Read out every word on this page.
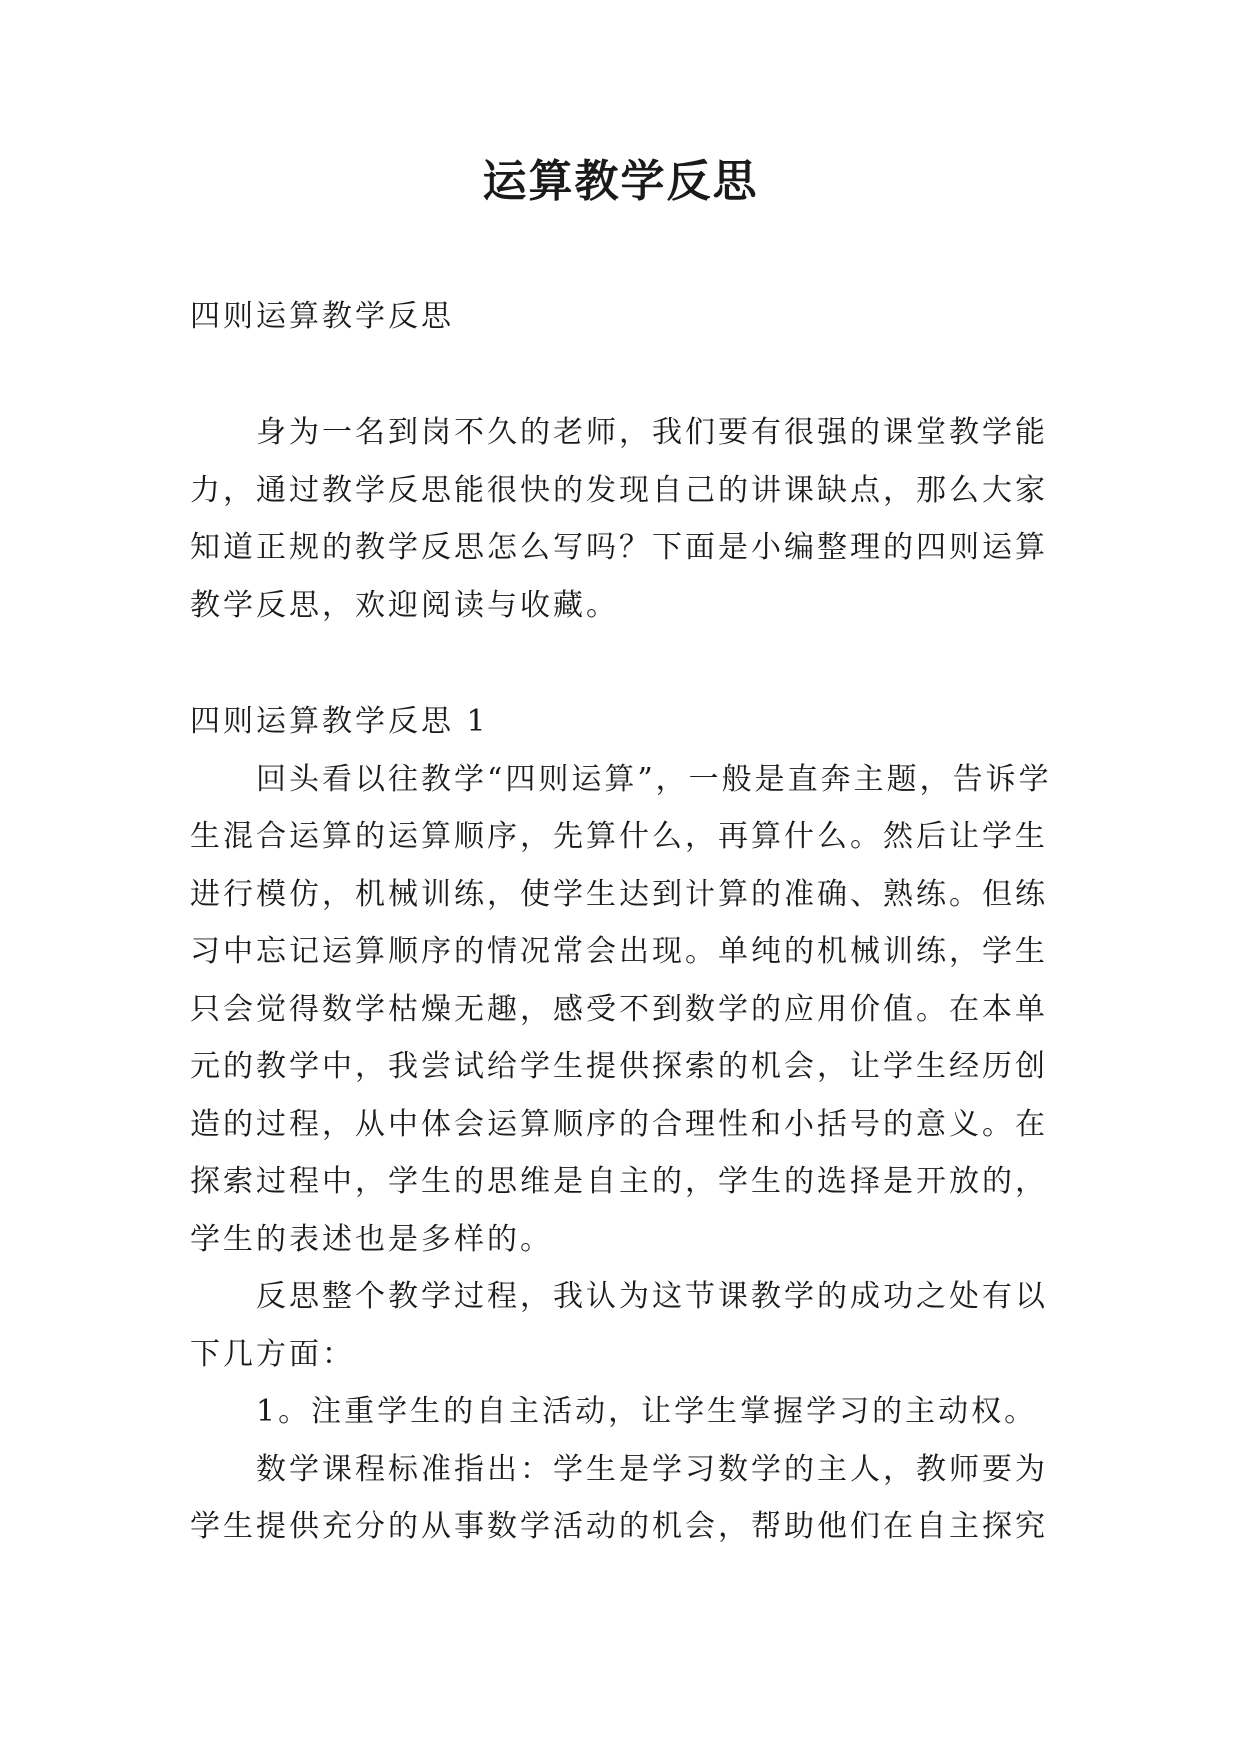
运算教学反思

四则运算教学反思

身为一名到岗不久的老师，我们要有很强的课堂教学能力，通过教学反思能很快的发现自己的讲课缺点，那么大家知道正规的教学反思怎么写吗？下面是小编整理的四则运算教学反思，欢迎阅读与收藏。

四则运算教学反思 1

回头看以往教学“四则运算”，一般是直奔主题，告诉学生混合运算的运算顺序，先算什么，再算什么。然后让学生进行模仿，机械训练，使学生达到计算的准确、熟练。但练习中忘记运算顺序的情况常会出现。单纯的机械训练，学生只会觉得数学枯燥无趣，感受不到数学的应用价值。在本单元的教学中，我尝试给学生提供探索的机会，让学生经历创造的过程，从中体会运算顺序的合理性和小括号的意义。在探索过程中，学生的思维是自主的，学生的选择是开放的，学生的表述也是多样的。

反思整个教学过程，我认为这节课教学的成功之处有以下几方面：

1。注重学生的自主活动，让学生掌握学习的主动权。

数学课程标准指出：学生是学习数学的主人，教师要为学生提供充分的从事数学活动的机会，帮助他们在自主探究
